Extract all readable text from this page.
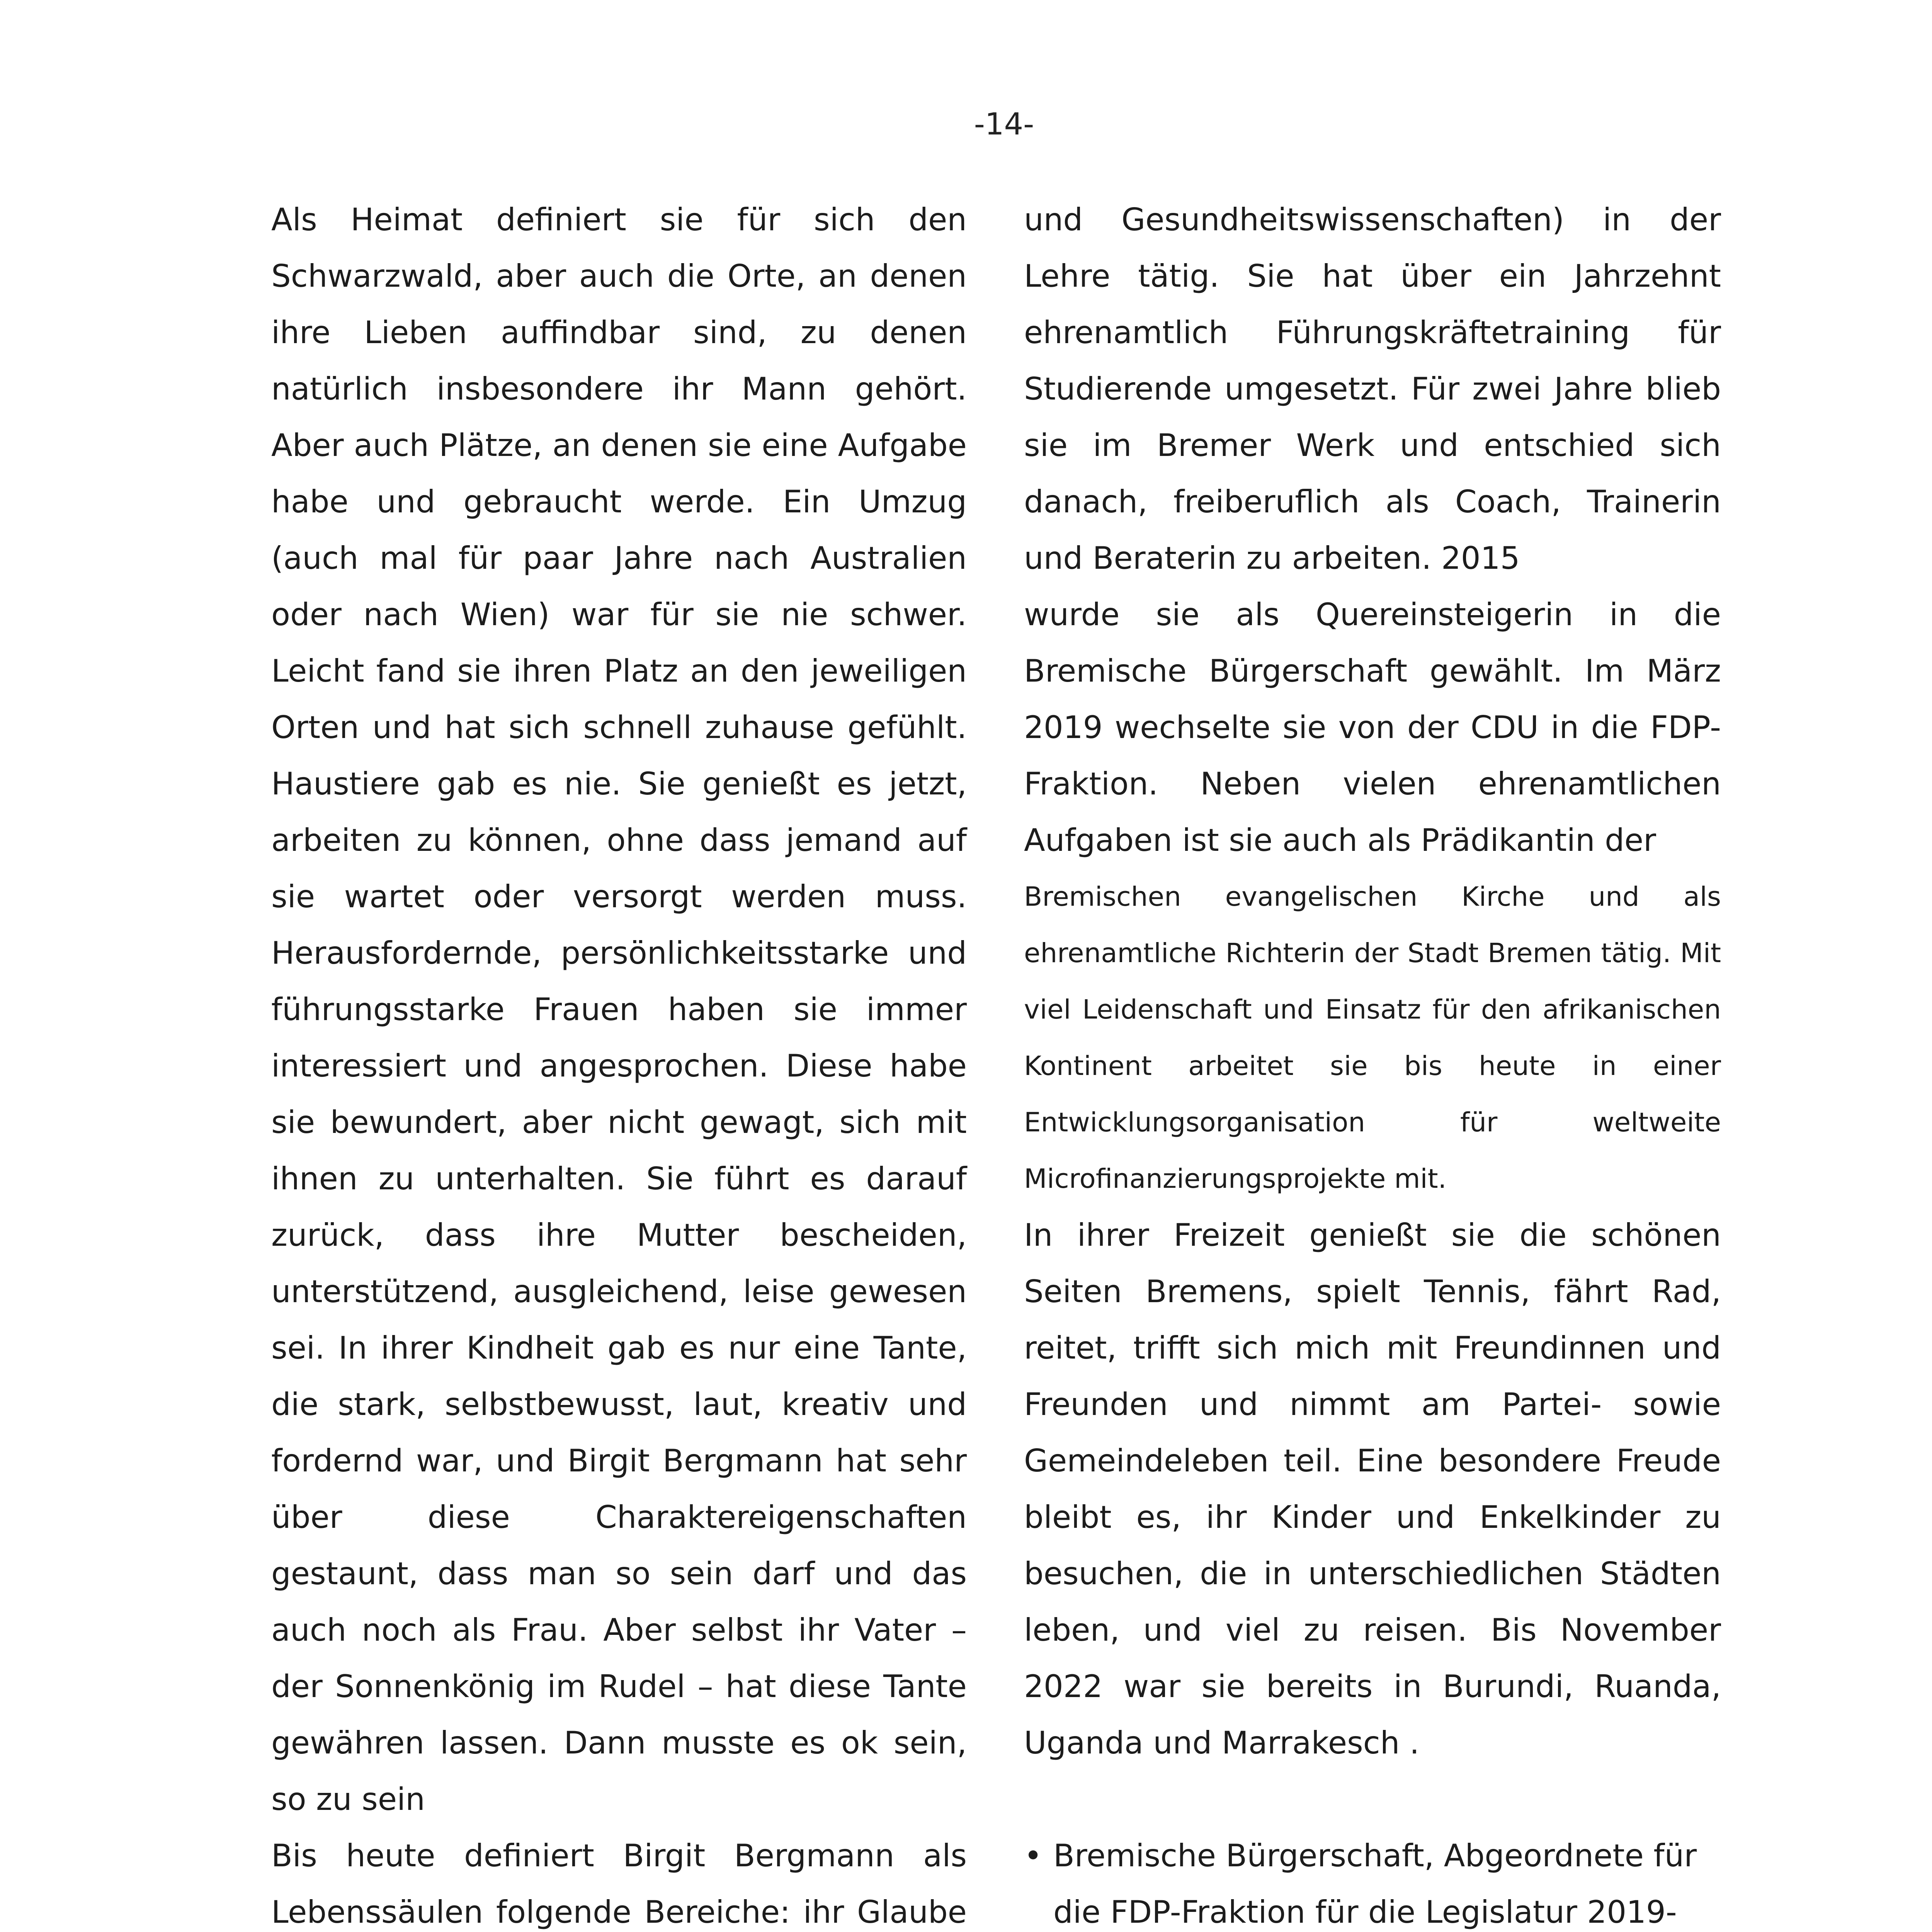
-14-

Als Heimat definiert sie für sich den Schwarzwald, aber auch die Orte, an denen ihre Lieben auffindbar sind, zu denen natürlich insbesondere ihr Mann gehört. Aber auch Plätze, an denen sie eine Aufgabe habe und gebraucht werde. Ein Umzug (auch mal für paar Jahre nach Australien oder nach Wien) war für sie nie schwer. Leicht fand sie ihren Platz an den jeweiligen Orten und hat sich schnell zuhause gefühlt. Haustiere gab es nie. Sie genießt es jetzt, arbeiten zu können, ohne dass jemand auf sie wartet oder versorgt werden muss. Herausfordernde, persönlichkeitsstarke und führungsstarke Frauen haben sie immer interessiert und angesprochen. Diese habe sie bewundert, aber nicht gewagt, sich mit ihnen zu unterhalten. Sie führt es darauf zurück, dass ihre Mutter bescheiden, unterstützend, ausgleichend, leise gewesen sei. In ihrer Kindheit gab es nur eine Tante, die stark, selbstbewusst, laut, kreativ und fordernd war, und Birgit Bergmann hat sehr über diese Charaktereigenschaften gestaunt, dass man so sein darf und das auch noch als Frau. Aber selbst ihr Vater – der Sonnenkönig im Rudel – hat diese Tante gewähren lassen. Dann musste es ok sein, so zu sein

Bis heute definiert Birgit Bergmann als Lebenssäulen folgende Bereiche: ihr Glaube

und Gesundheitswissenschaften) in der Lehre tätig. Sie hat über ein Jahrzehnt ehrenamtlich Führungskräftetraining für Studierende umgesetzt. Für zwei Jahre blieb sie im Bremer Werk und entschied sich danach, freiberuflich als Coach, Trainerin und Beraterin zu arbeiten. 2015

wurde sie als Quereinsteigerin in die Bremische Bürgerschaft gewählt. Im März 2019 wechselte sie von der CDU in die FDP-Fraktion. Neben vielen ehrenamtlichen Aufgaben ist sie auch als Prädikantin der

Bremischen evangelischen Kirche und als ehrenamtliche Richterin der Stadt Bremen tätig. Mit viel Leidenschaft und Einsatz für den afrikanischen Kontinent arbeitet sie bis heute in einer Entwicklungsorganisation für weltweite Microfinanzierungsprojekte mit.

In ihrer Freizeit genießt sie die schönen Seiten Bremens, spielt Tennis, fährt Rad, reitet, trifft sich mich mit Freundinnen und Freunden und nimmt am Partei- sowie Gemeindeleben teil. Eine besondere Freude bleibt es, ihr Kinder und Enkelkinder zu besuchen, die in unterschiedlichen Städten leben, und viel zu reisen. Bis November 2022 war sie bereits in Burundi, Ruanda, Uganda und Marrakesch .

• Bremische Bürgerschaft, Abgeordnete für die FDP-Fraktion für die Legislatur 2019-
